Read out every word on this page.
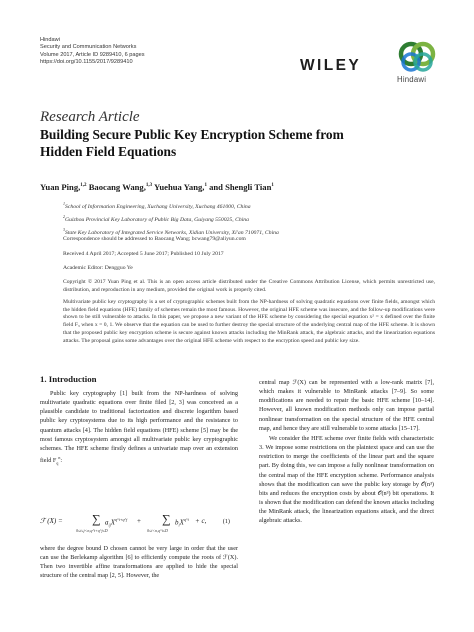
Hindawi
Security and Communication Networks
Volume 2017, Article ID 9289410, 6 pages
https://doi.org/10.1155/2017/9289410	WILEY
Hindawi
Research Article
Building Secure Public Key Encryption Scheme from Hidden Field Equations
Yuan Ping,$^{1,2}$ Baocang Wang,$^{1,3}$ Yuehua Yang,$^1$ and Shengli Tian$^1$
$^1$School of Information Engineering, Xuchang University, Xuchang 461000, China
$^2$Guizhou Provincial Key Laboratory of Public Big Data, Guiyang 550025, China
$^3$State Key Laboratory of Integrated Service Networks, Xidian University, Xi'an 710071, China
Correspondence should be addressed to Baocang Wang; bcwang79@aliyun.com
Received 4 April 2017; Accepted 5 June 2017; Published 10 July 2017
Academic Editor: Dengguo Ye
Copyright © 2017 Yuan Ping et al. This is an open access article distributed under the Creative Commons Attribution License, which permits unrestricted use, distribution, and reproduction in any medium, provided the original work is properly cited.
Multivariate public key cryptography is a set of cryptographic schemes built from the NP-hardness of solving quadratic equations over finite fields, amongst which the hidden field equations (HFE) family of schemes remain the most famous. However, the original HFE scheme was insecure, and the follow-up modifications were shown to be still vulnerable to attacks. In this paper, we propose a new variant of the HFE scheme by considering the special equation x² = x defined over the finite field F₃ when x = 0, 1. We observe that the equation can be used to further destroy the special structure of the underlying central map of the HFE scheme. It is shown that the proposed public key encryption scheme is secure against known attacks including the MinRank attack, the algebraic attacks, and the linearization equations attacks. The proposal gains some advantages over the original HFE scheme with respect to the encryption speed and public key size.
1. Introduction

Public key cryptography [1] built from the NP-hardness of solving multivariate quadratic equations over finite filed [2, 3] was conceived as a plausible candidate to traditional factorization and discrete logarithm based public key cryptosystems due to its high performance and the resistance to quantum attacks [4]. The hidden field equations (HFE) scheme [5] may be the most famous cryptosystem amongst all multivariate public key cryptographic schemes. The HFE scheme firstly defines a univariate map over an extension field $F_q^n$:

ℱ (X) = ∑
0≤i≤j<n,q^i+q^j≤D
$a_{ij}X^{q\^{}i+q\^{}j}$ + ∑
0≤i<n,q^i≤D
$b_iX^{q\^{}i} + c$,	(1)

where the degree bound D chosen cannot be very large in order that the user can use the Berlekamp algorithm [6] to efficiently compute the roots of ℱ(X). Then two invertible affine transformations are applied to hide the special structure of the central map [2, 5]. However, the

central map ℱ(X) can be represented with a low-rank matrix [7], which makes it vulnerable to MinRank attacks [7–9]. So some modifications are needed to repair the basic HFE scheme [10–14]. However, all known modification methods only can impose partial nonlinear transformation on the special structure of the HFE central map, and hence they are still vulnerable to some attacks [15–17].

We consider the HFE scheme over finite fields with characteristic 3. We impose some restrictions on the plaintext space and can use the restriction to merge the coefficients of the linear part and the square part. By doing this, we can impose a fully nonlinear transformation on the central map of the HFE encryption scheme. Performance analysis shows that the modification can save the public key storage by 𝒪(n³) bits and reduces the encryption costs by about 𝒪(n³) bit operations. It is shown that the modification can defend the known attacks including the MinRank attack, the linearization equations attack, and the direct algebraic attacks.
